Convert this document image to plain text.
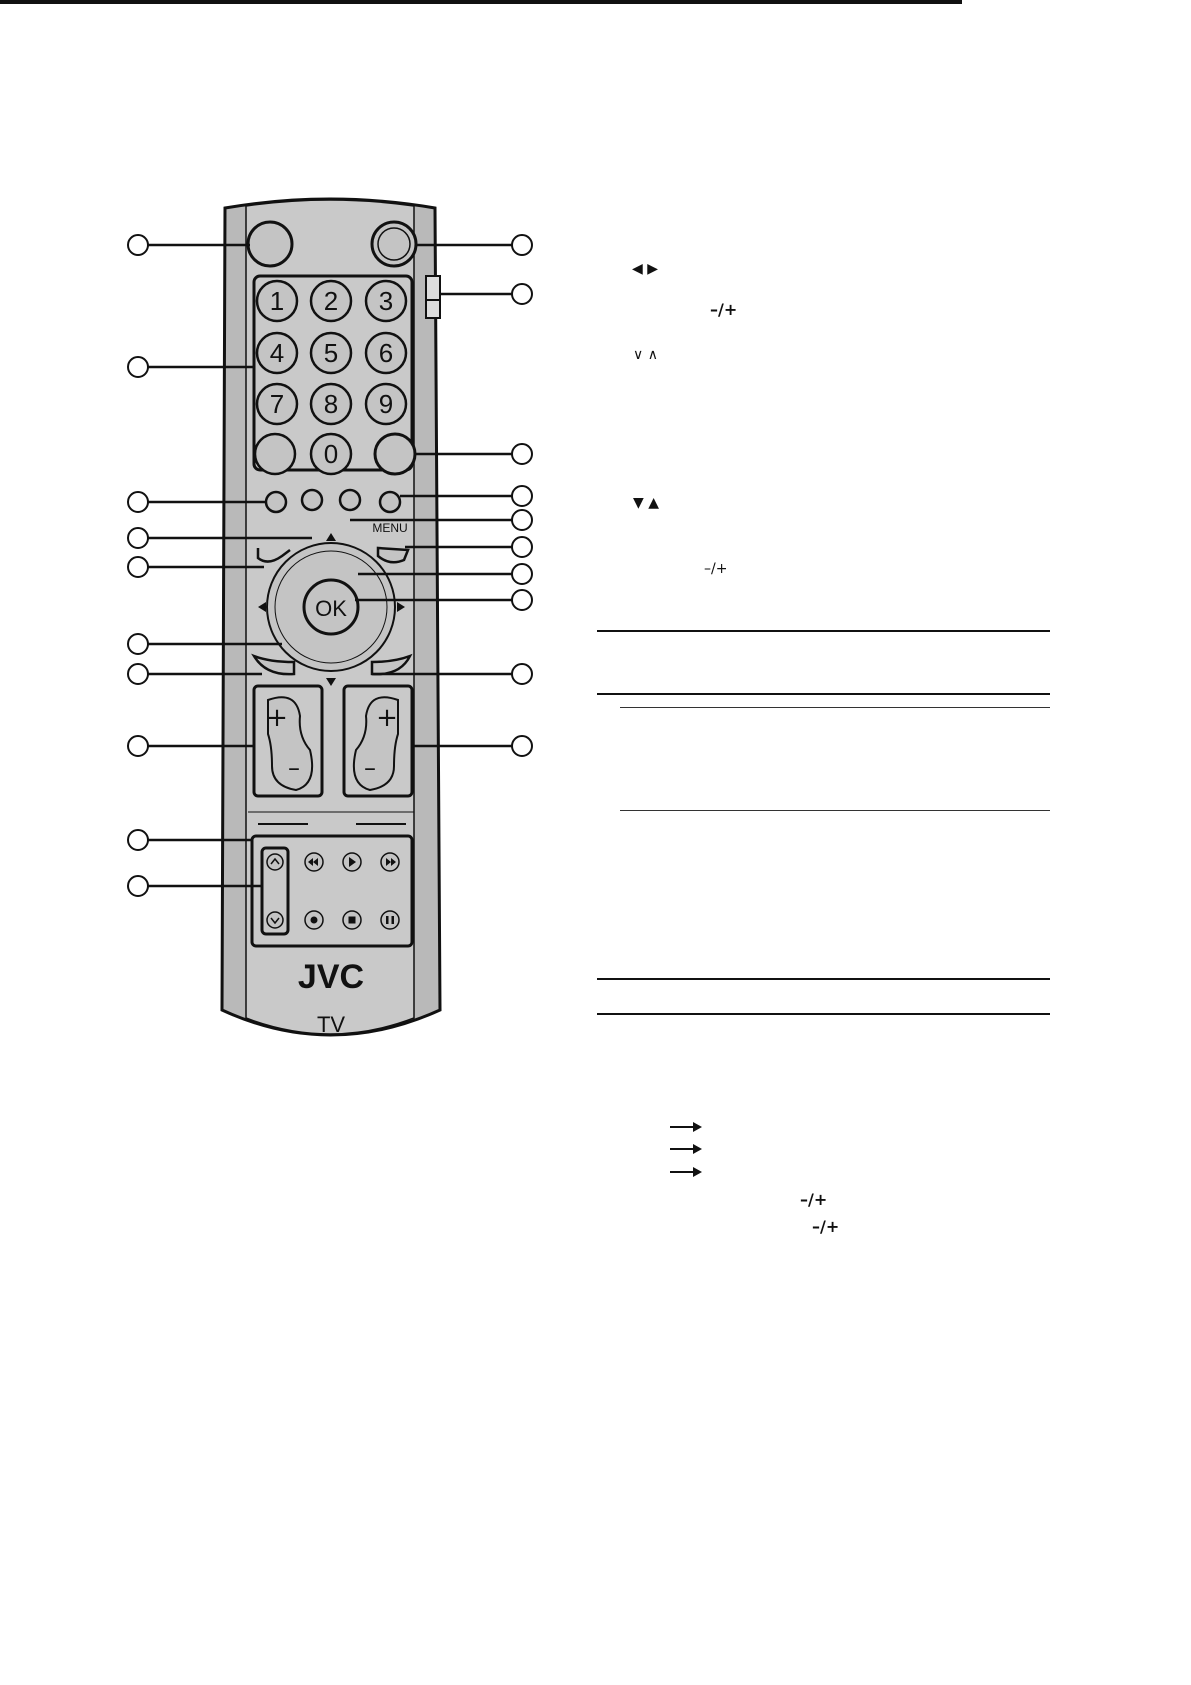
1 2 3
4 5 6
7 8 9
0
MENU
OK
+
–
+
–
JVC
TV
◀ ▶
–/+
∨ ∧
▼ ▲
–/+
–/+
–/+
